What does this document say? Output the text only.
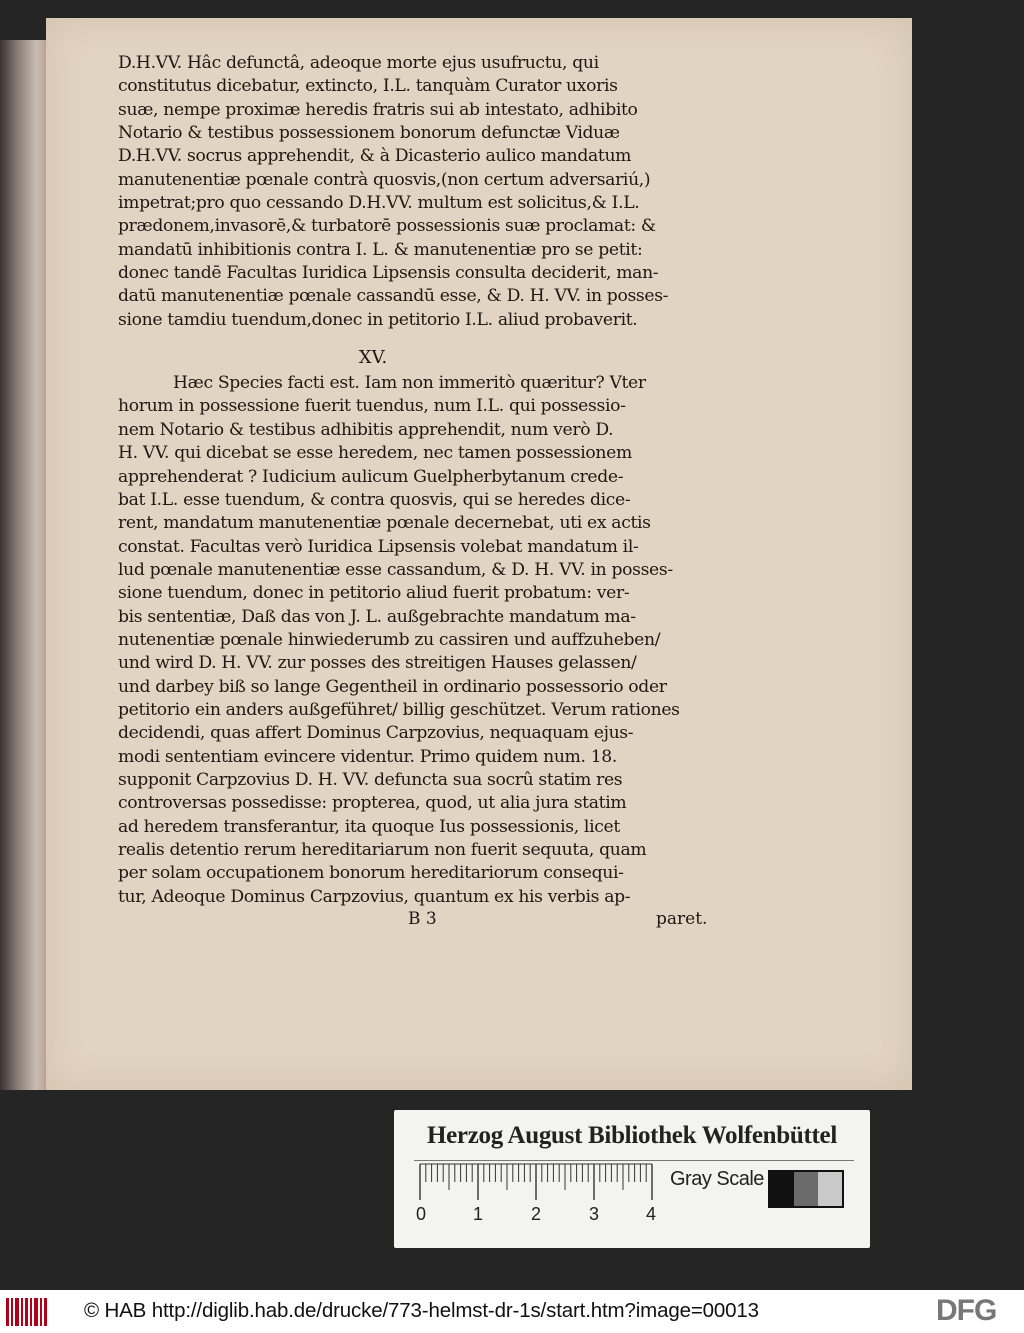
D.H.VV. Hâc defunctâ, adeoque morte ejus usufructu, qui
constitutus dicebatur, extincto, I.L. tanquàm Curator uxoris
suæ, nempe proximæ heredis fratris sui ab intestato, adhibito
Notario & testibus possessionem bonorum defunctæ Viduæ
D.H.VV. socrus apprehendit, & à Dicasterio aulico mandatum
manutenentiæ pœnale contrà quosvis,(non certum adversariú,)
impetrat;pro quo cessando D.H.VV. multum est solicitus,& I.L.
prædonem,invasorē,& turbatorē possessionis suæ proclamat: &
mandatū inhibitionis contra I. L. & manutenentiæ pro se petit:
donec tandē Facultas Iuridica Lipsensis consulta deciderit, man-
datū manutenentiæ pœnale cassandū esse, & D. H. VV. in posses-
sione tamdiu tuendum,donec in petitorio I.L. aliud probaverit.
XV.
Hæc Species facti est. Iam non immeritò quæritur? Vter
horum in possessione fuerit tuendus, num I.L. qui possessio-
nem Notario & testibus adhibitis apprehendit, num verò D.
H. VV. qui dicebat se esse heredem, nec tamen possessionem
apprehenderat ? Iudicium aulicum Guelpherbytanum crede-
bat I.L. esse tuendum, & contra quosvis, qui se heredes dice-
rent, mandatum manutenentiæ pœnale decernebat, uti ex actis
constat. Facultas verò Iuridica Lipsensis volebat mandatum il-
lud pœnale manutenentiæ esse cassandum, & D. H. VV. in posses-
sione tuendum, donec in petitorio aliud fuerit probatum: ver-
bis sententiæ, Daß das von J. L. außgebrachte mandatum ma-
nutenentiæ pœnale hinwiederumb zu cassiren und auffzuheben/
und wird D. H. VV. zur posses des streitigen Hauses gelassen/
und darbey biß so lange Gegentheil in ordinario possessorio oder
petitorio ein anders außgeführet/ billig geschützet. Verum rationes
decidendi, quas affert Dominus Carpzovius, nequaquam ejus-
modi sententiam evincere videntur. Primo quidem num. 18.
supponit Carpzovius D. H. VV. defuncta sua socrû statim res
controversas possedisse: propterea, quod, ut alia jura statim
ad heredem transferantur, ita quoque Ius possessionis, licet
realis detentio rerum hereditariarum non fuerit sequuta, quam
per solam occupationem bonorum hereditariorum consequi-
tur, Adeoque Dominus Carpzovius, quantum ex his verbis ap-
B 3	paret.
Herzog August Bibliothek Wolfenbüttel
0	1	2	3	4
Gray Scale
© HAB http://diglib.hab.de/drucke/773-helmst-dr-1s/start.htm?image=00013	DFG
